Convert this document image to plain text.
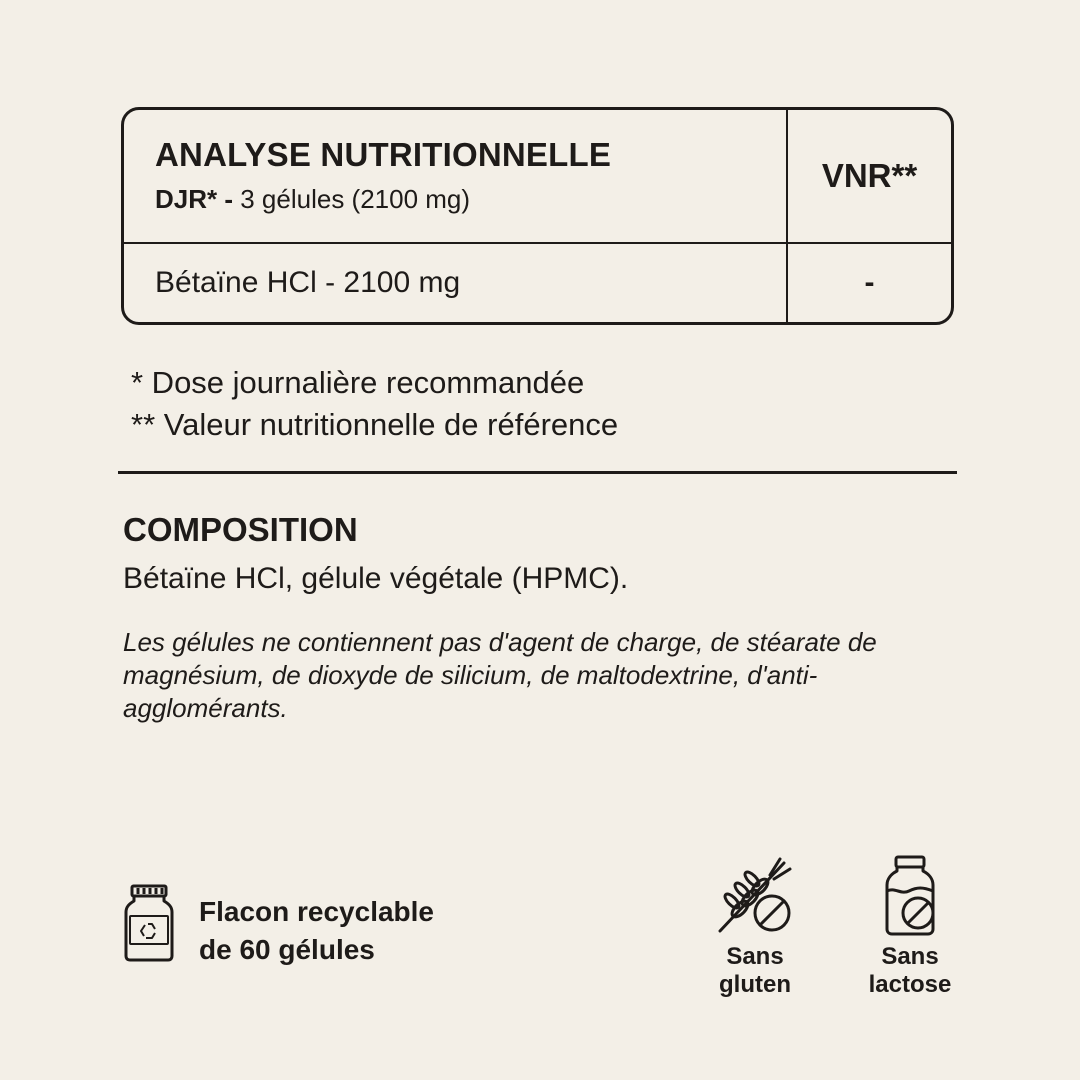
ANALYSE NUTRITIONNELLE
DJR* - 3 gélules (2100 mg)
VNR**
Bétaïne HCl - 2100 mg	-
* Dose journalière recommandée
** Valeur nutritionnelle de référence
COMPOSITION
Bétaïne HCl, gélule végétale (HPMC).
Les gélules ne contiennent pas d'agent de charge, de stéarate de magnésium, de dioxyde de silicium, de maltodextrine, d'anti-agglomérants.
Flacon recyclable
de 60 gélules	Sans
gluten
Sans
lactose
